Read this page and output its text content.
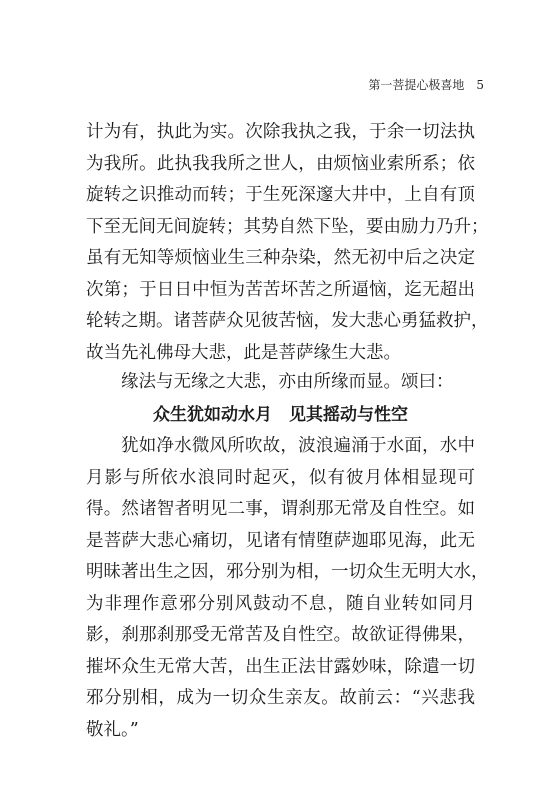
第一菩提心极喜地 5
计为有，执此为实。次除我执之我，于余一切法执
为我所。此执我我所之世人，由烦恼业索所系；依
旋转之识推动而转；于生死深邃大井中，上自有顶
下至无间无间旋转；其势自然下坠，要由励力乃升；
虽有无知等烦恼业生三种杂染，然无初中后之决定
次第；于日日中恒为苦苦坏苦之所逼恼，迄无超出
轮转之期。诸菩萨众见彼苦恼，发大悲心勇猛救护，
故当先礼佛母大悲，此是菩萨缘生大悲。
缘法与无缘之大悲，亦由所缘而显。颂曰：
众生犹如动水月　见其摇动与性空
犹如净水微风所吹故，波浪遍涌于水面，水中
月影与所依水浪同时起灭，似有彼月体相显现可
得。然诸智者明见二事，谓刹那无常及自性空。如
是菩萨大悲心痛切，见诸有情堕萨迦耶见海，此无
明昧著出生之因，邪分别为相，一切众生无明大水，
为非理作意邪分别风鼓动不息，随自业转如同月
影，刹那刹那受无常苦及自性空。故欲证得佛果，
摧坏众生无常大苦，出生正法甘露妙味，除遣一切
邪分别相，成为一切众生亲友。故前云：“兴悲我
敬礼。”
